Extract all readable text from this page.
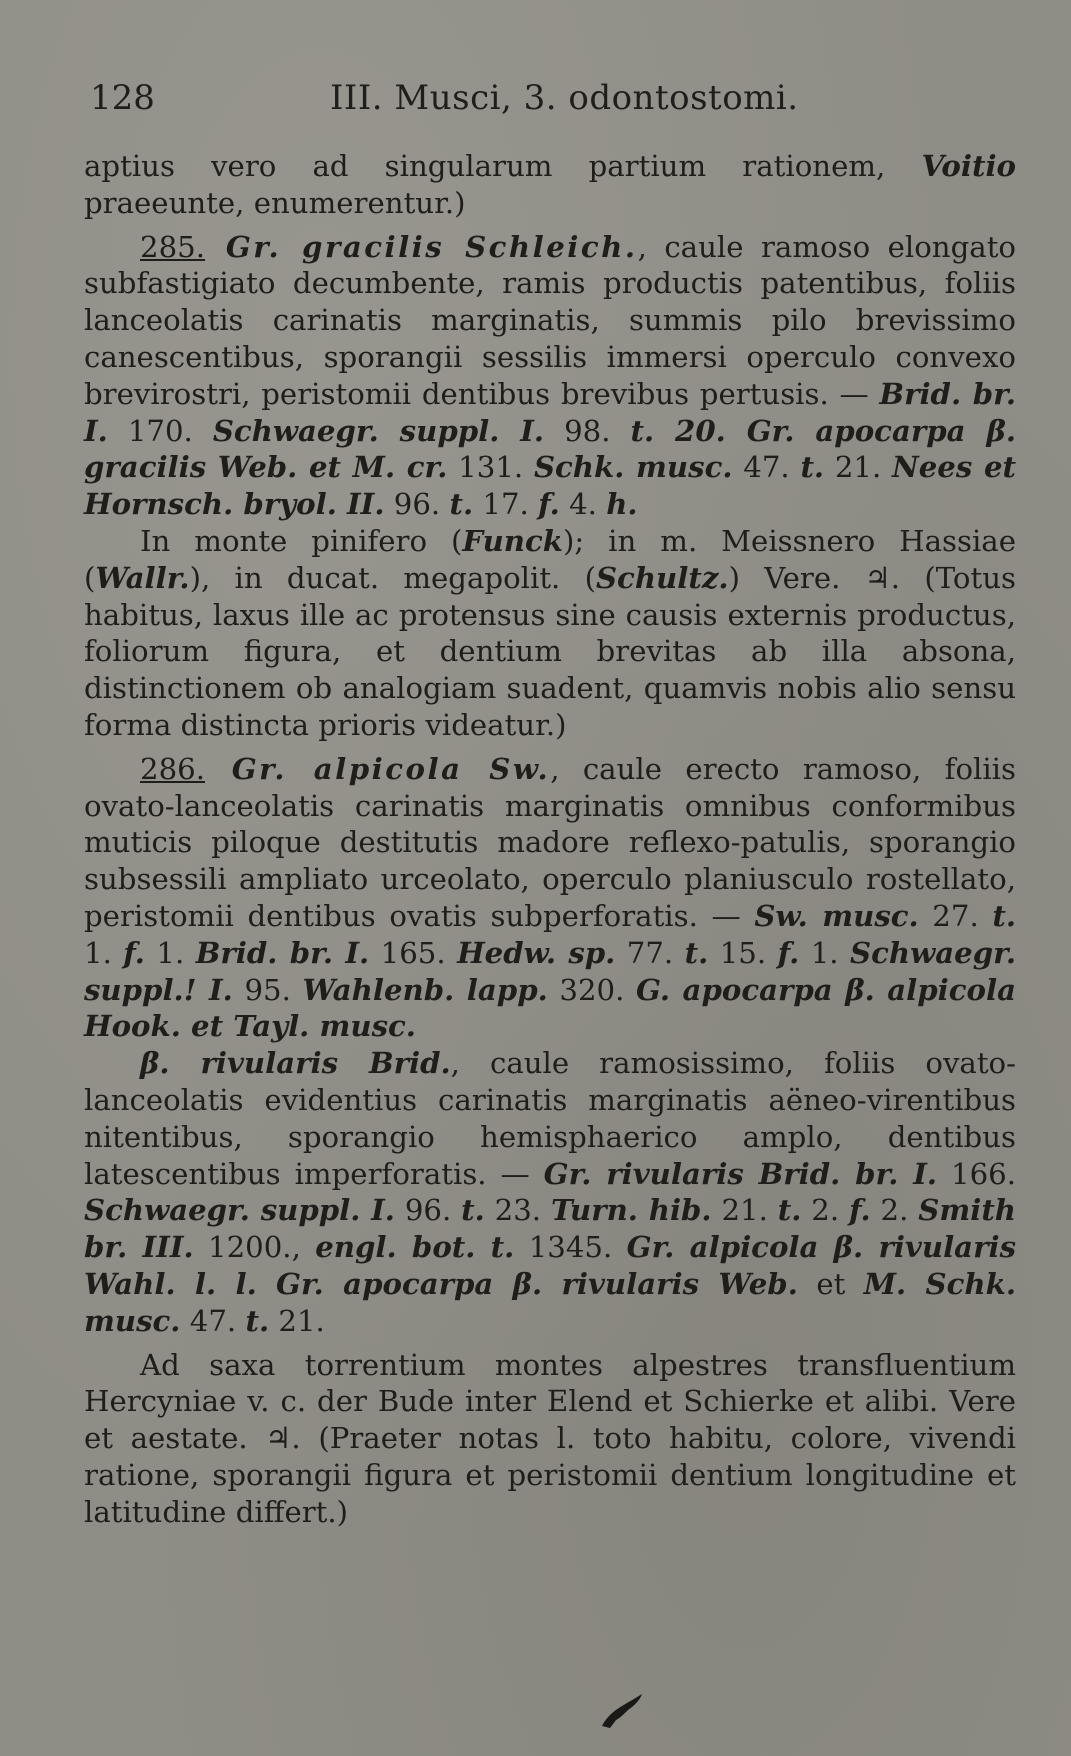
128	III. Musci, 3. odontostomi.

aptius vero ad singularum partium rationem, Voitio praeeunte, enumerentur.)

285. Gr. gracilis Schleich., caule ramoso elongato subfastigiato decumbente, ramis productis patentibus, foliis lanceolatis carinatis marginatis, summis pilo brevissimo canescentibus, sporangii sessilis immersi operculo convexo brevirostri, peristomii dentibus brevibus pertusis. — Brid. br. I. 170. Schwaegr. suppl. I. 98. t. 20. Gr. apocarpa β. gracilis Web. et M. cr. 131. Schk. musc. 47. t. 21. Nees et Hornsch. bryol. II. 96. t. 17. f. 4. h.

In monte pinifero (Funck); in m. Meissnero Hassiae (Wallr.), in ducat. megapolit. (Schultz.) Vere. ♃. (Totus habitus, laxus ille ac protensus sine causis externis productus, foliorum figura, et dentium brevitas ab illa absona, distinctionem ob analogiam suadent, quamvis nobis alio sensu forma distincta prioris videatur.)

286. Gr. alpicola Sw., caule erecto ramoso, foliis ovato-lanceolatis carinatis marginatis omnibus conformibus muticis piloque destitutis madore reflexo-patulis, sporangio subsessili ampliato urceolato, operculo planiusculo rostellato, peristomii dentibus ovatis subperforatis. — Sw. musc. 27. t. 1. f. 1. Brid. br. I. 165. Hedw. sp. 77. t. 15. f. 1. Schwaegr. suppl.! I. 95. Wahlenb. lapp. 320. G. apocarpa β. alpicola Hook. et Tayl. musc.

β. rivularis Brid., caule ramosissimo, foliis ovato-lanceolatis evidentius carinatis marginatis aëneo-virentibus nitentibus, sporangio hemisphaerico amplo, dentibus latescentibus imperforatis. — Gr. rivularis Brid. br. I. 166. Schwaegr. suppl. I. 96. t. 23. Turn. hib. 21. t. 2. f. 2. Smith br. III. 1200., engl. bot. t. 1345. Gr. alpicola β. rivularis Wahl. l. l. Gr. apocarpa β. rivularis Web. et M. Schk. musc. 47. t. 21.

Ad saxa torrentium montes alpestres transfluentium Hercyniae v. c. der Bude inter Elend et Schierke et alibi. Vere et aestate. ♃. (Praeter notas l. toto habitu, colore, vivendi ratione, sporangii figura et peristomii dentium longitudine et latitudine differt.)
